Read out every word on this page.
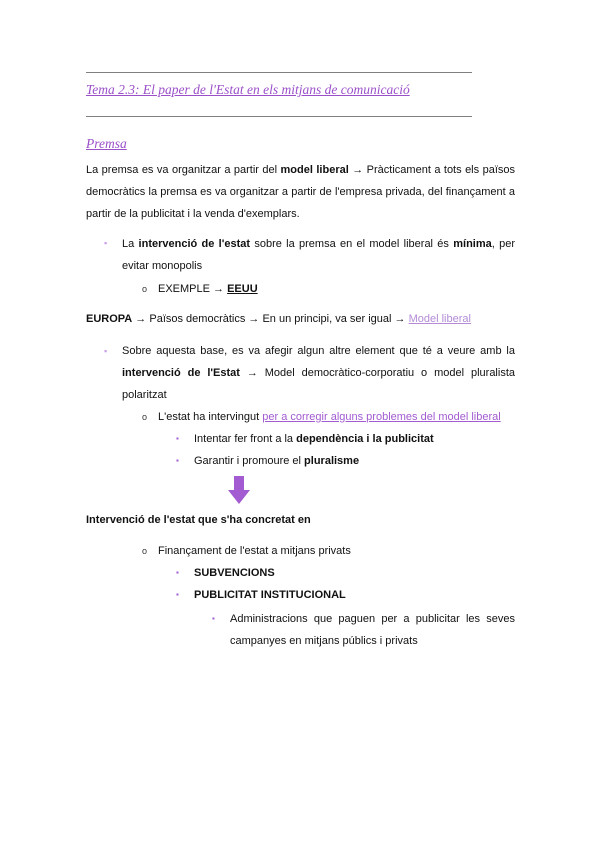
Tema 2.3: El paper de l'Estat en els mitjans de comunicació
Premsa
La premsa es va organitzar a partir del model liberal → Pràcticament a tots els països democràtics la premsa es va organitzar a partir de l'empresa privada, del finançament a partir de la publicitat i la venda d'exemplars.
▪ La intervenció de l'estat sobre la premsa en el model liberal és mínima, per evitar monopolis
o EXEMPLE → EEUU
EUROPA → Països democràtics → En un principi, va ser igual → Model liberal
▪ Sobre aquesta base, es va afegir algun altre element que té a veure amb la intervenció de l'Estat → Model democràtico-corporatiu o model pluralista polaritzat
o L'estat ha intervingut per a corregir alguns problemes del model liberal
▪ Intentar fer front a la dependència i la publicitat
▪ Garantir i promoure el pluralisme
Intervenció de l'estat que s'ha concretat en
o Finançament de l'estat a mitjans privats
▪ SUBVENCIONS
▪ PUBLICITAT INSTITUCIONAL
▪ Administracions que paguen per a publicitar les seves campanyes en mitjans públics i privats
